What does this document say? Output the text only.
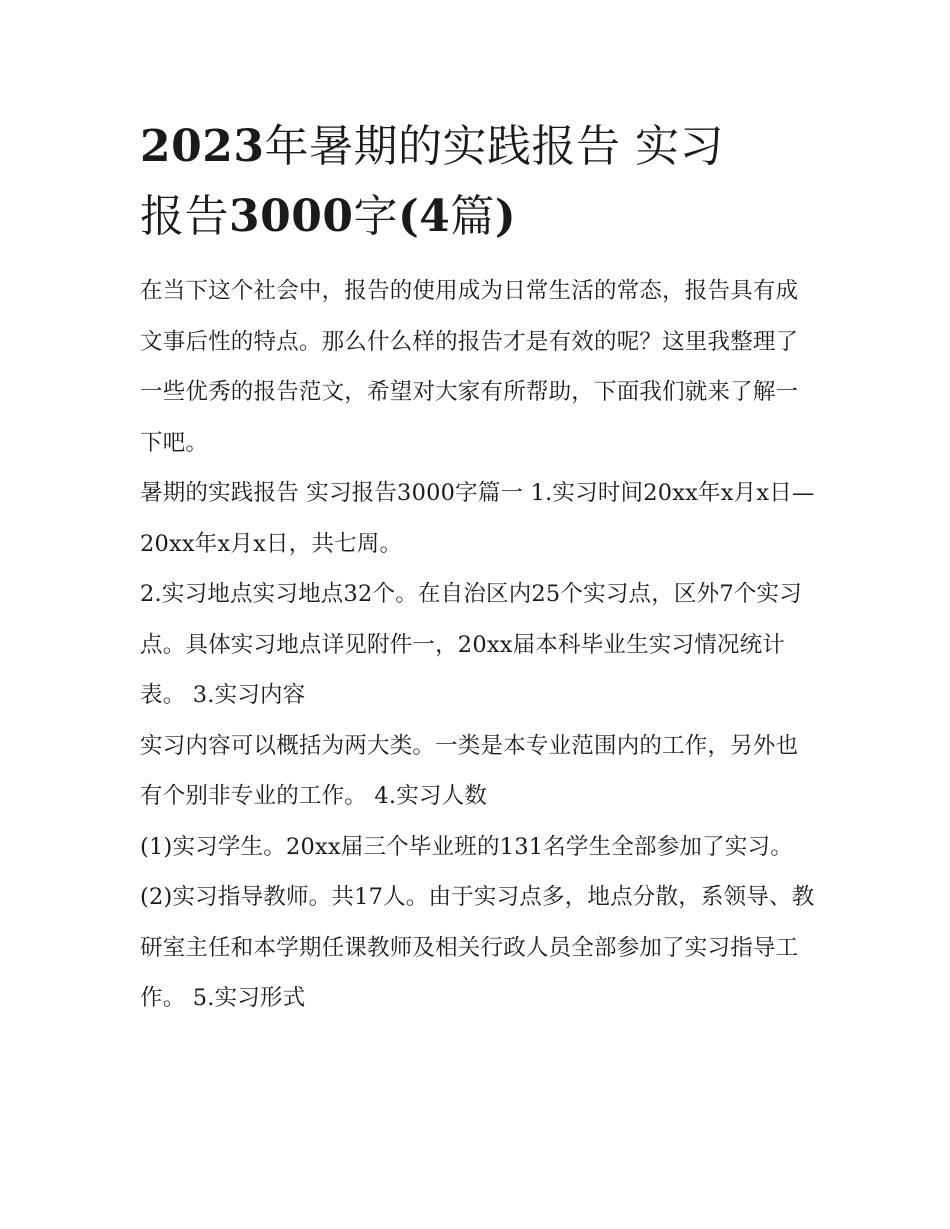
2023年暑期的实践报告 实习
报告3000字(4篇)

在当下这个社会中，报告的使用成为日常生活的常态，报告具有成文事后性的特点。那么什么样的报告才是有效的呢？这里我整理了一些优秀的报告范文，希望对大家有所帮助，下面我们就来了解一下吧。

暑期的实践报告 实习报告3000字篇一 1.实习时间20xx年x月x日—20xx年x月x日，共七周。

2.实习地点实习地点32个。在自治区内25个实习点，区外7个实习点。具体实习地点详见附件一，20xx届本科毕业生实习情况统计表。 3.实习内容

实习内容可以概括为两大类。一类是本专业范围内的工作，另外也有个别非专业的工作。 4.实习人数

(1)实习学生。20xx届三个毕业班的131名学生全部参加了实习。

(2)实习指导教师。共17人。由于实习点多，地点分散，系领导、教研室主任和本学期任课教师及相关行政人员全部参加了实习指导工作。 5.实习形式
